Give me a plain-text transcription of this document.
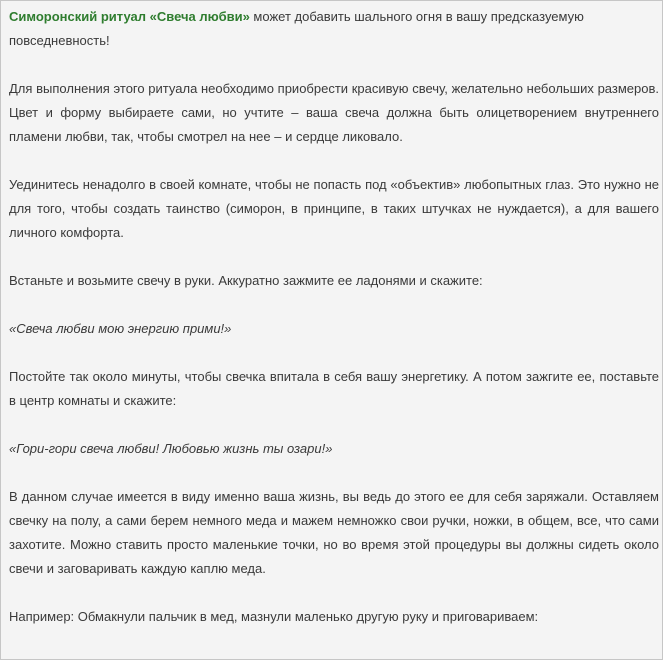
Симоронский ритуал «Свеча любви» может добавить шального огня в вашу предсказуемую повседневность!

Для выполнения этого ритуала необходимо приобрести красивую свечу, желательно небольших размеров. Цвет и форму выбираете сами, но учтите – ваша свеча должна быть олицетворением внутреннего пламени любви, так, чтобы смотрел на нее – и сердце ликовало.

Уединитесь ненадолго в своей комнате, чтобы не попасть под «объектив» любопытных глаз. Это нужно не для того, чтобы создать таинство (симорон, в принципе, в таких штучках не нуждается), а для вашего личного комфорта.

Встаньте и возьмите свечу в руки. Аккуратно зажмите ее ладонями и скажите:

«Свеча любви мою энергию прими!»

Постойте так около минуты, чтобы свечка впитала в себя вашу энергетику. А потом зажгите ее, поставьте в центр комнаты и скажите:

«Гори-гори свеча любви! Любовью жизнь ты озари!»

В данном случае имеется в виду именно ваша жизнь, вы ведь до этого ее для себя заряжали. Оставляем свечку на полу, а сами берем немного меда и мажем немножко свои ручки, ножки, в общем, все, что сами захотите. Можно ставить просто маленькие точки, но во время этой процедуры вы должны сидеть около свечи и заговаривать каждую каплю меда.

Например: Обмакнули пальчик в мед, мазнули маленько другую руку и приговариваем:
